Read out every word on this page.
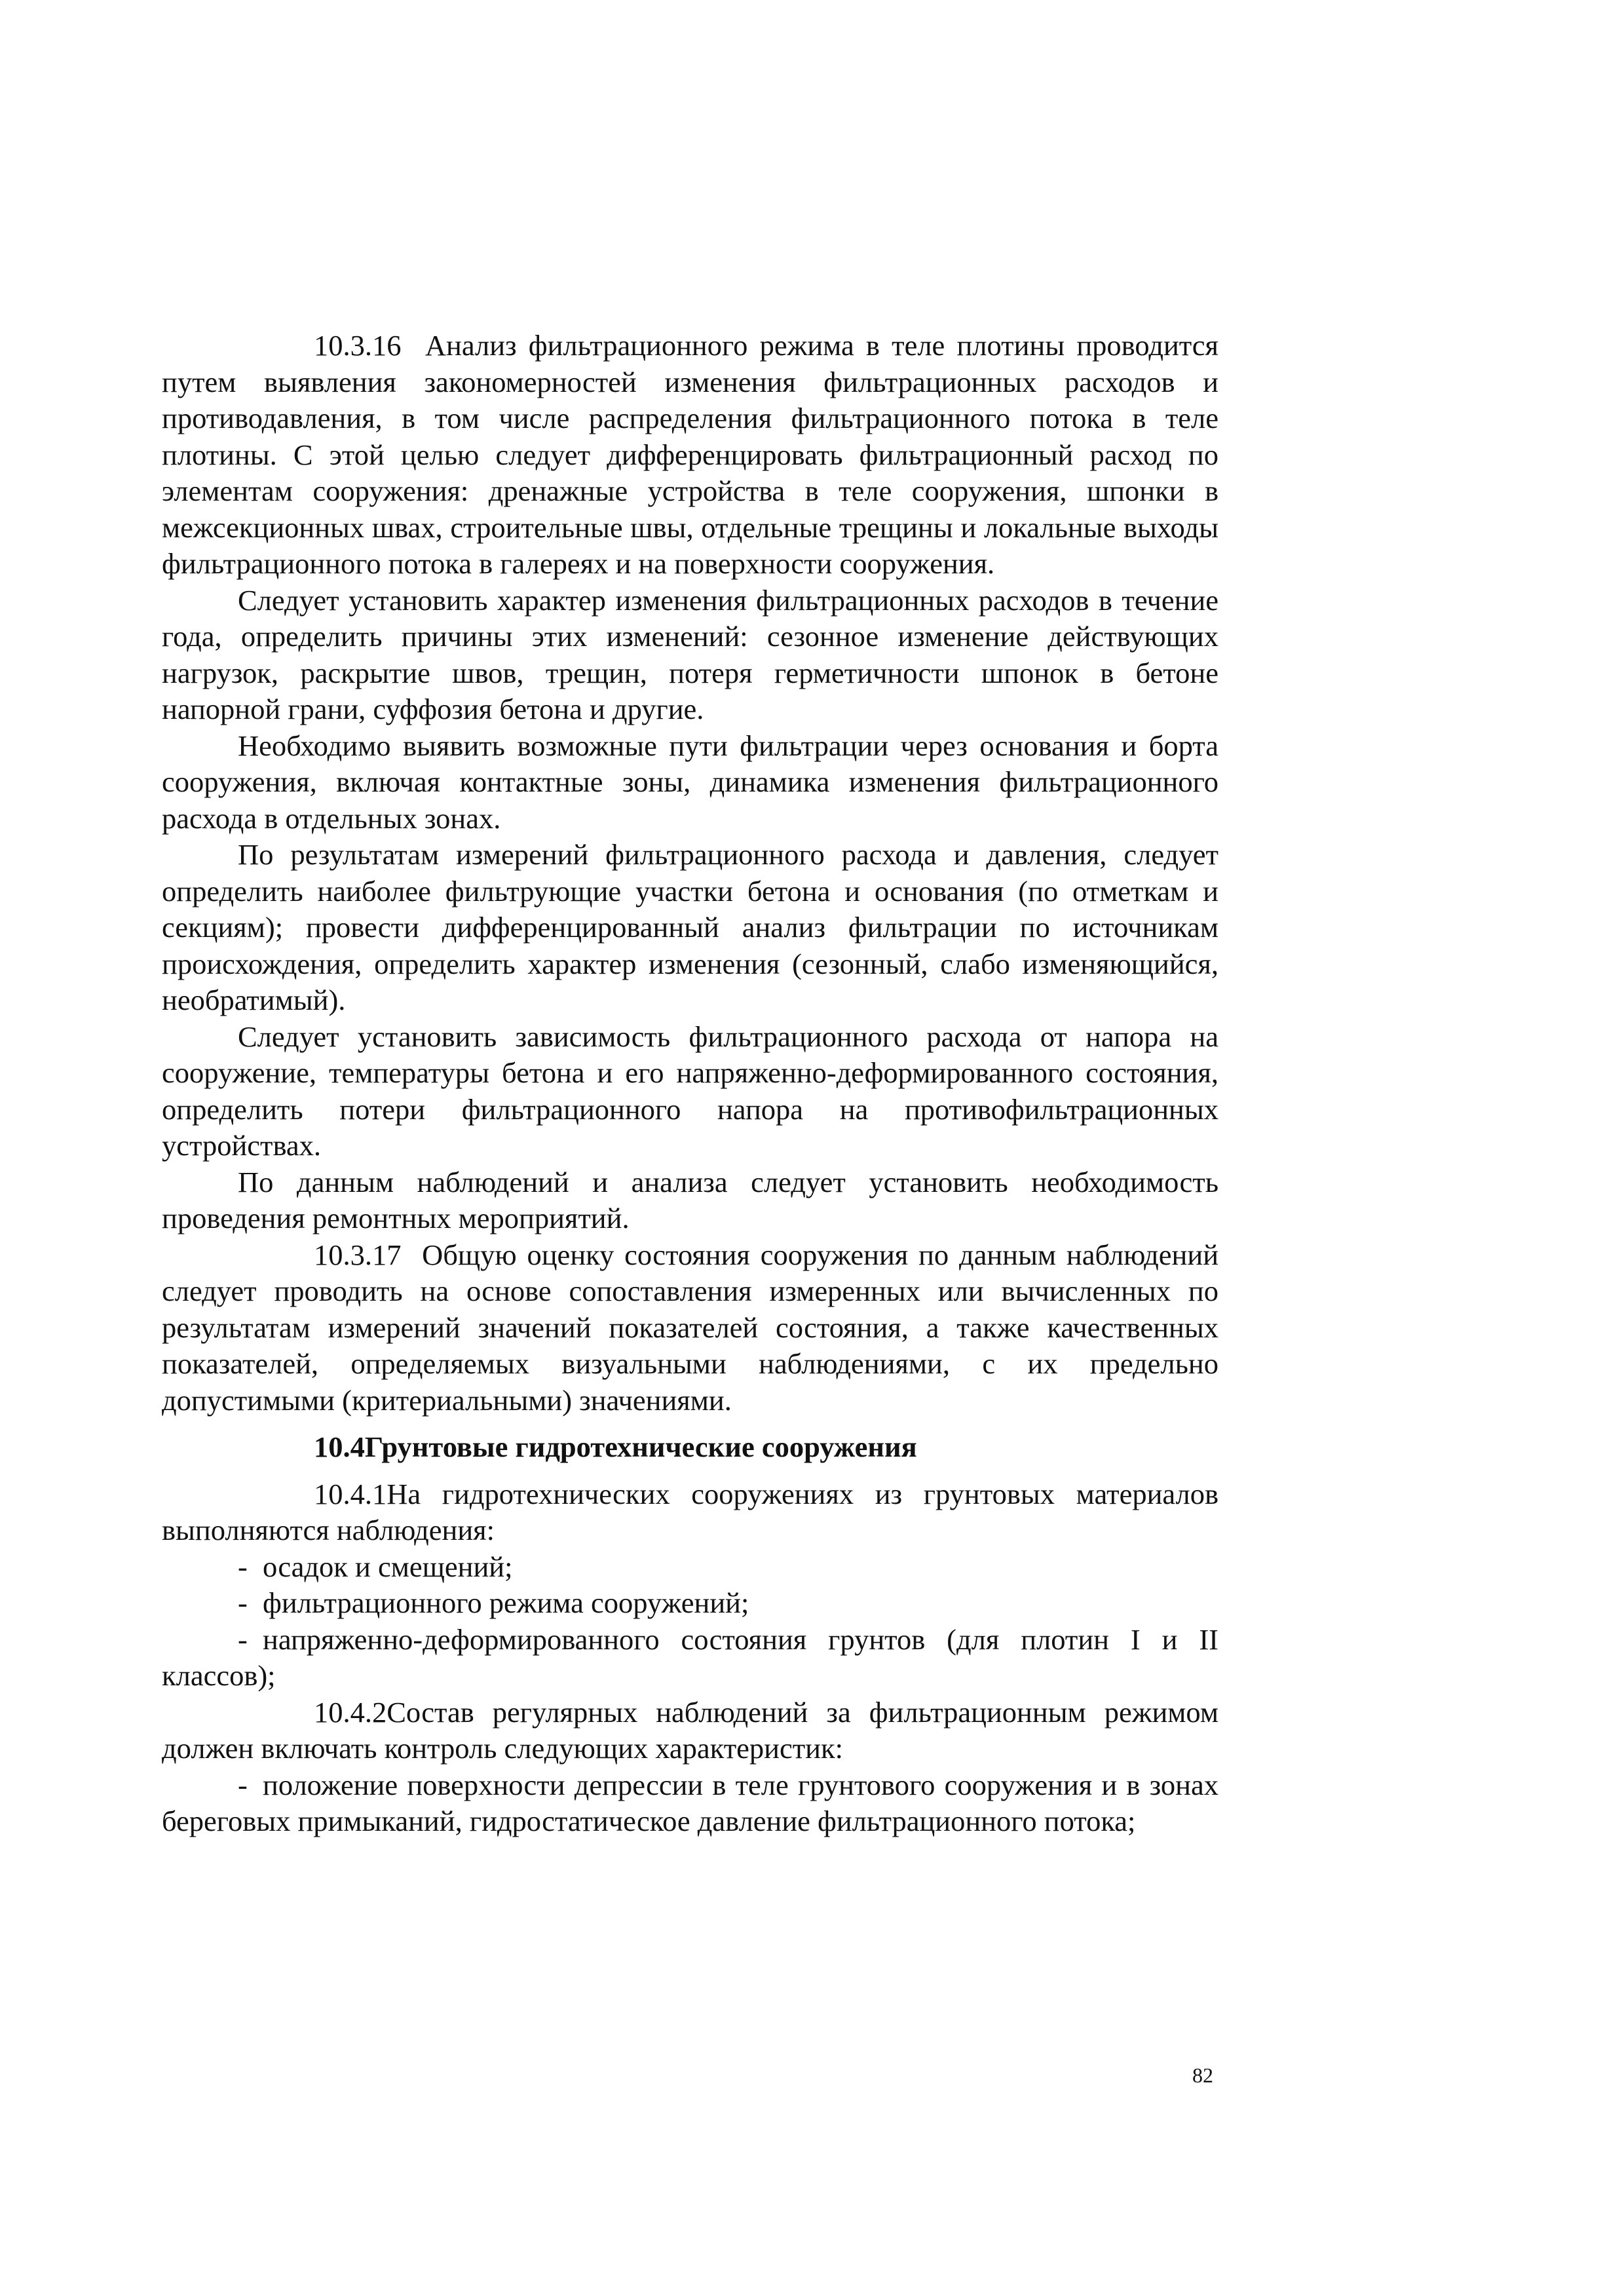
10.3.16 Анализ фильтрационного режима в теле плотины проводится путем выявления закономерностей изменения фильтрационных расходов и противодавления, в том числе распределения фильтрационного потока в теле плотины. С этой целью следует дифференцировать фильтрационный расход по элементам сооружения: дренажные устройства в теле сооружения, шпонки в межсекционных швах, строительные швы, отдельные трещины и локальные выходы фильтрационного потока в галереях и на поверхности сооружения.

Следует установить характер изменения фильтрационных расходов в течение года, определить причины этих изменений: сезонное изменение действующих нагрузок, раскрытие швов, трещин, потеря герметичности шпонок в бетоне напорной грани, суффозия бетона и другие.

Необходимо выявить возможные пути фильтрации через основания и борта сооружения, включая контактные зоны, динамика изменения фильтрационного расхода в отдельных зонах.

По результатам измерений фильтрационного расхода и давления, следует определить наиболее фильтрующие участки бетона и основания (по отметкам и секциям); провести дифференцированный анализ фильтрации по источникам происхождения, определить характер изменения (сезонный, слабо изменяющийся, необратимый).

Следует установить зависимость фильтрационного расхода от напора на сооружение, температуры бетона и его напряженно-деформированного состояния, определить потери фильтрационного напора на противофильтрационных устройствах.

По данным наблюдений и анализа следует установить необходимость проведения ремонтных мероприятий.

10.3.17 Общую оценку состояния сооружения по данным наблюдений следует проводить на основе сопоставления измеренных или вычисленных по результатам измерений значений показателей состояния, а также качественных показателей, определяемых визуальными наблюдениями, с их предельно допустимыми (критериальными) значениями.

10.4Грунтовые гидротехнические сооружения

10.4.1На гидротехнических сооружениях из грунтовых материалов выполняются наблюдения:

- осадок и смещений;

- фильтрационного режима сооружений;

- напряженно-деформированного состояния грунтов (для плотин I и II классов);

10.4.2Состав регулярных наблюдений за фильтрационным режимом должен включать контроль следующих характеристик:

- положение поверхности депрессии в теле грунтового сооружения и в зонах береговых примыканий, гидростатическое давление фильтрационного потока;

82
